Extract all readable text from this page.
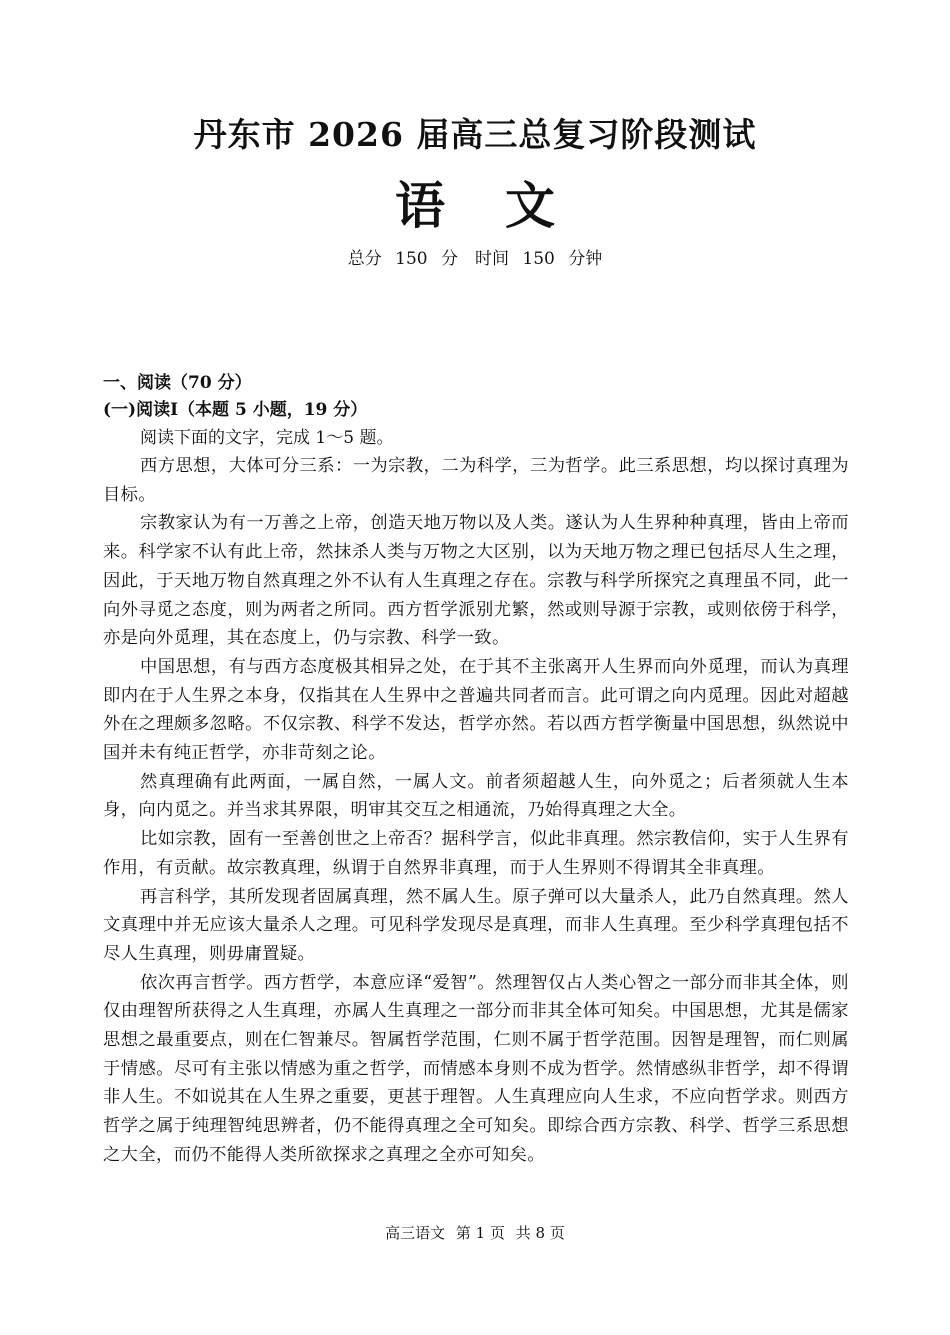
丹东市 2026 届高三总复习阶段测试
语文
总分 150 分　时间 150 分钟

一、阅读（70 分）

(一)阅读I（本题 5 小题，19 分）

阅读下面的文字，完成 1～5 题。

西方思想，大体可分三系：一为宗教，二为科学，三为哲学。此三系思想，均以探讨真理为目标。

宗教家认为有一万善之上帝，创造天地万物以及人类。遂认为人生界种种真理，皆由上帝而来。科学家不认有此上帝，然抹杀人类与万物之大区别，以为天地万物之理已包括尽人生之理，因此，于天地万物自然真理之外不认有人生真理之存在。宗教与科学所探究之真理虽不同，此一向外寻觅之态度，则为两者之所同。西方哲学派别尤繁，然或则导源于宗教，或则依傍于科学，亦是向外觅理，其在态度上，仍与宗教、科学一致。

中国思想，有与西方态度极其相异之处，在于其不主张离开人生界而向外觅理，而认为真理即内在于人生界之本身，仅指其在人生界中之普遍共同者而言。此可谓之向内觅理。因此对超越外在之理颇多忽略。不仅宗教、科学不发达，哲学亦然。若以西方哲学衡量中国思想，纵然说中国并未有纯正哲学，亦非苛刻之论。

然真理确有此两面，一属自然，一属人文。前者须超越人生，向外觅之；后者须就人生本身，向内觅之。并当求其界限，明审其交互之相通流，乃始得真理之大全。

比如宗教，固有一至善创世之上帝否？据科学言，似此非真理。然宗教信仰，实于人生界有作用，有贡献。故宗教真理，纵谓于自然界非真理，而于人生界则不得谓其全非真理。

再言科学，其所发现者固属真理，然不属人生。原子弹可以大量杀人，此乃自然真理。然人文真理中并无应该大量杀人之理。可见科学发现尽是真理，而非人生真理。至少科学真理包括不尽人生真理，则毋庸置疑。

依次再言哲学。西方哲学，本意应译“爱智”。然理智仅占人类心智之一部分而非其全体，则仅由理智所获得之人生真理，亦属人生真理之一部分而非其全体可知矣。中国思想，尤其是儒家思想之最重要点，则在仁智兼尽。智属哲学范围，仁则不属于哲学范围。因智是理智，而仁则属于情感。尽可有主张以情感为重之哲学，而情感本身则不成为哲学。然情感纵非哲学，却不得谓非人生。不如说其在人生界之重要，更甚于理智。人生真理应向人生求，不应向哲学求。则西方哲学之属于纯理智纯思辨者，仍不能得真理之全可知矣。即综合西方宗教、科学、哲学三系思想之大全，而仍不能得人类所欲探求之真理之全亦可知矣。

高三语文 第 1 页 共 8 页
